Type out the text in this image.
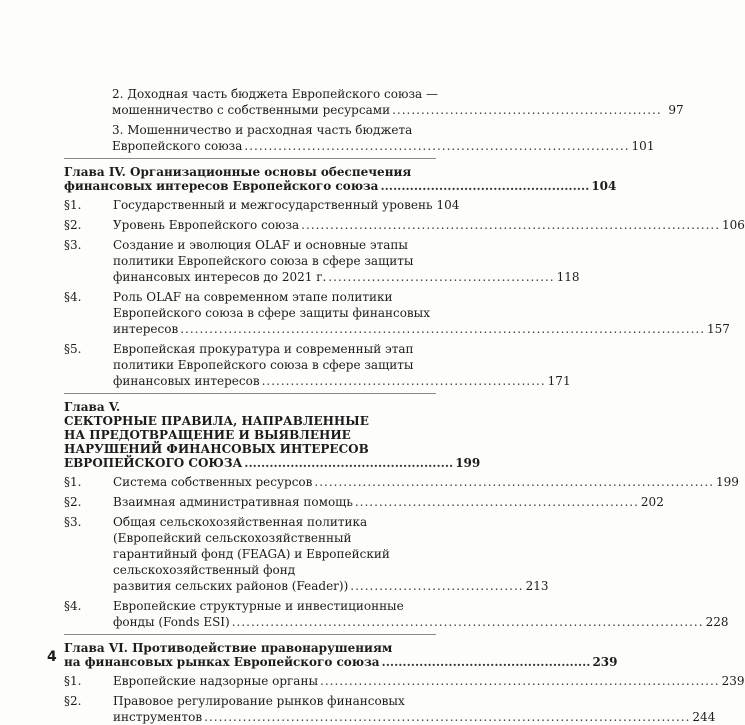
2. Доходная часть бюджета Европейского союза —
мошенничество с собственными ресурсами ........................................................ 97
3. Мошенничество и расходная часть бюджета
Европейского союза ................................................................................ 101
Глава IV. Организационные основы обеспечения
финансовых интересов Европейского союза .................................................. 104
§1.	Государственный и межгосударственный уровень 104
§2.	Уровень Европейского союза ....................................................................................... 106
§3.	Создание и эволюция OLAF и основные этапы
политики Европейского союза в сфере защиты
финансовых интересов до 2021 г. ............................................... 118
§4.	Роль OLAF на современном этапе политики
Европейского союза в сфере защиты финансовых
интересов ............................................................................................................. 157
§5.	Европейская прокуратура и современный этап
политики Европейского союза в сфере защиты
финансовых интересов ........................................................... 171
Глава V.
СЕКТОРНЫЕ ПРАВИЛА, НАПРАВЛЕННЫЕ
НА ПРЕДОТВРАЩЕНИЕ И ВЫЯВЛЕНИЕ
НАРУШЕНИЙ ФИНАНСОВЫХ ИНТЕРЕСОВ
ЕВРОПЕЙСКОГО СОЮЗА .................................................. 199
§1.	Система собственных ресурсов ................................................................................... 199
§2.	Взаимная административная помощь ........................................................... 202
§3.	Общая сельскохозяйственная политика
(Европейский сельскохозяйственный
гарантийный фонд (FEAGA) и Европейский
сельскохозяйственный фонд
развития сельских районов (Feader)) .................................... 213
§4.	Европейские структурные и инвестиционные
фонды (Fonds ESI) .................................................................................................. 228
Глава VI. Противодействие правонарушениям
на финансовых рынках Европейского союза .................................................. 239
§1.	Европейские надзорные органы ................................................................................... 239
§2.	Правовое регулирование рынков финансовых
инструментов ..................................................................................................... 244
4
